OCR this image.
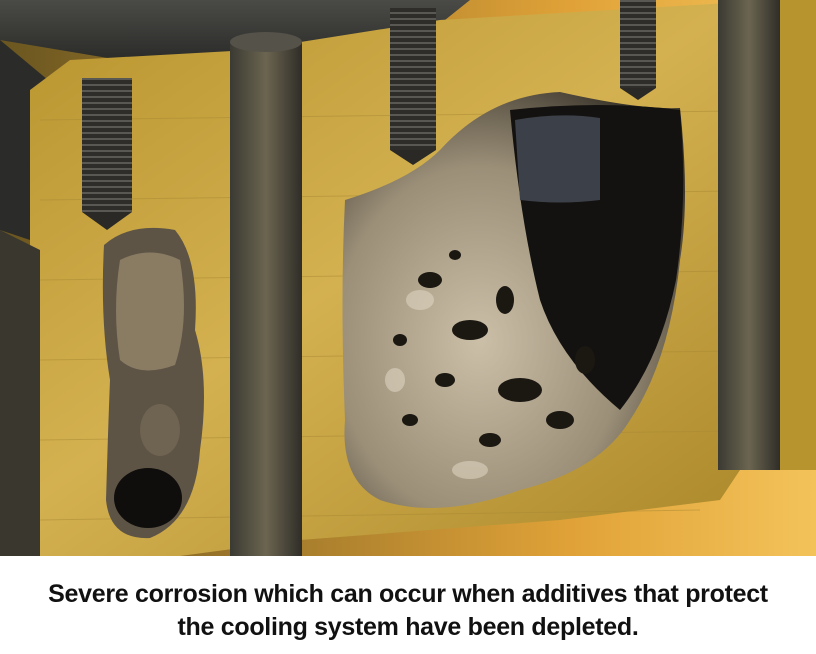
Severe corrosion which can occur when additives that protect
the cooling system have been depleted.
